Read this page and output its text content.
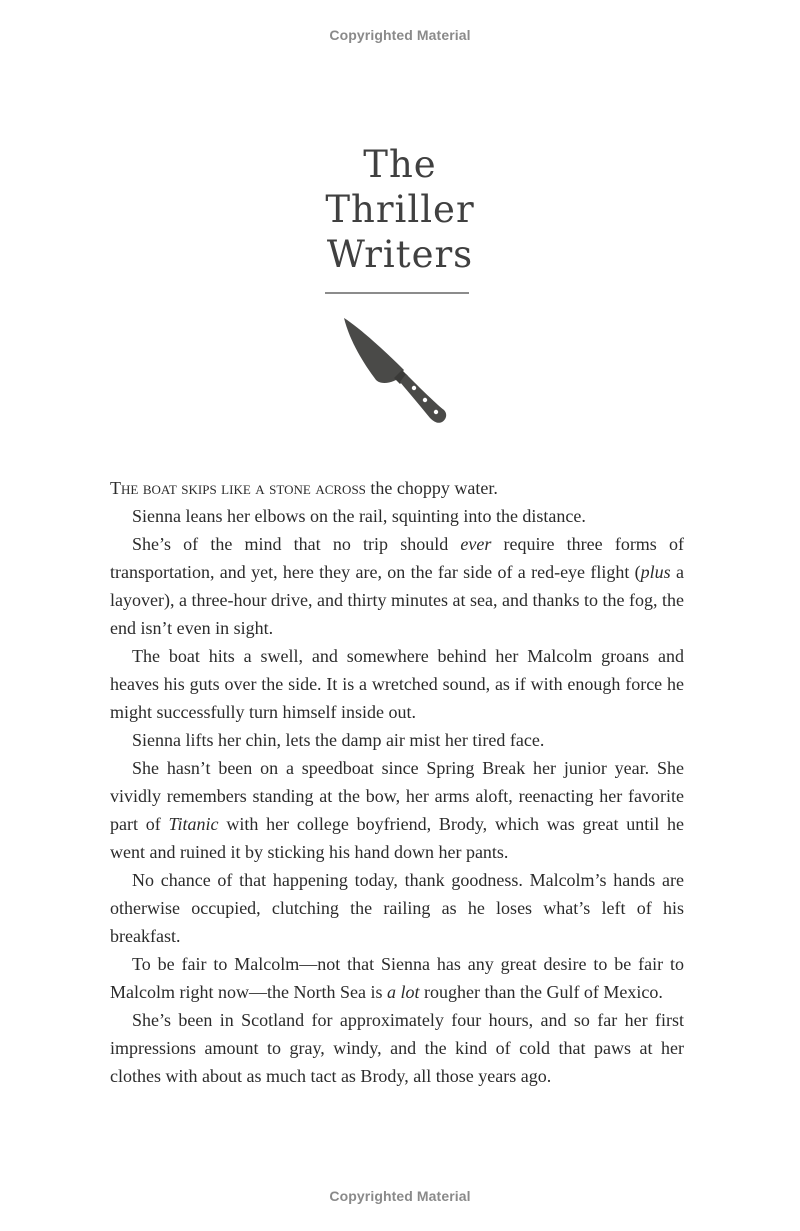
Copyrighted Material
The
Thriller
Writers

The boat skips like a stone across the choppy water.

Sienna leans her elbows on the rail, squinting into the distance.

She’s of the mind that no trip should ever require three forms of transportation, and yet, here they are, on the far side of a red-eye flight (plus a layover), a three-hour drive, and thirty minutes at sea, and thanks to the fog, the end isn’t even in sight.

The boat hits a swell, and somewhere behind her Malcolm groans and heaves his guts over the side. It is a wretched sound, as if with enough force he might successfully turn himself inside out.

Sienna lifts her chin, lets the damp air mist her tired face.

She hasn’t been on a speedboat since Spring Break her junior year. She vividly remembers standing at the bow, her arms aloft, reenacting her favorite part of Titanic with her college boyfriend, Brody, which was great until he went and ruined it by sticking his hand down her pants.

No chance of that happening today, thank goodness. Malcolm’s hands are otherwise occupied, clutching the railing as he loses what’s left of his breakfast.

To be fair to Malcolm—not that Sienna has any great desire to be fair to Malcolm right now—the North Sea is a lot rougher than the Gulf of Mexico.

She’s been in Scotland for approximately four hours, and so far her first impressions amount to gray, windy, and the kind of cold that paws at her clothes with about as much tact as Brody, all those years ago.

Copyrighted Material
